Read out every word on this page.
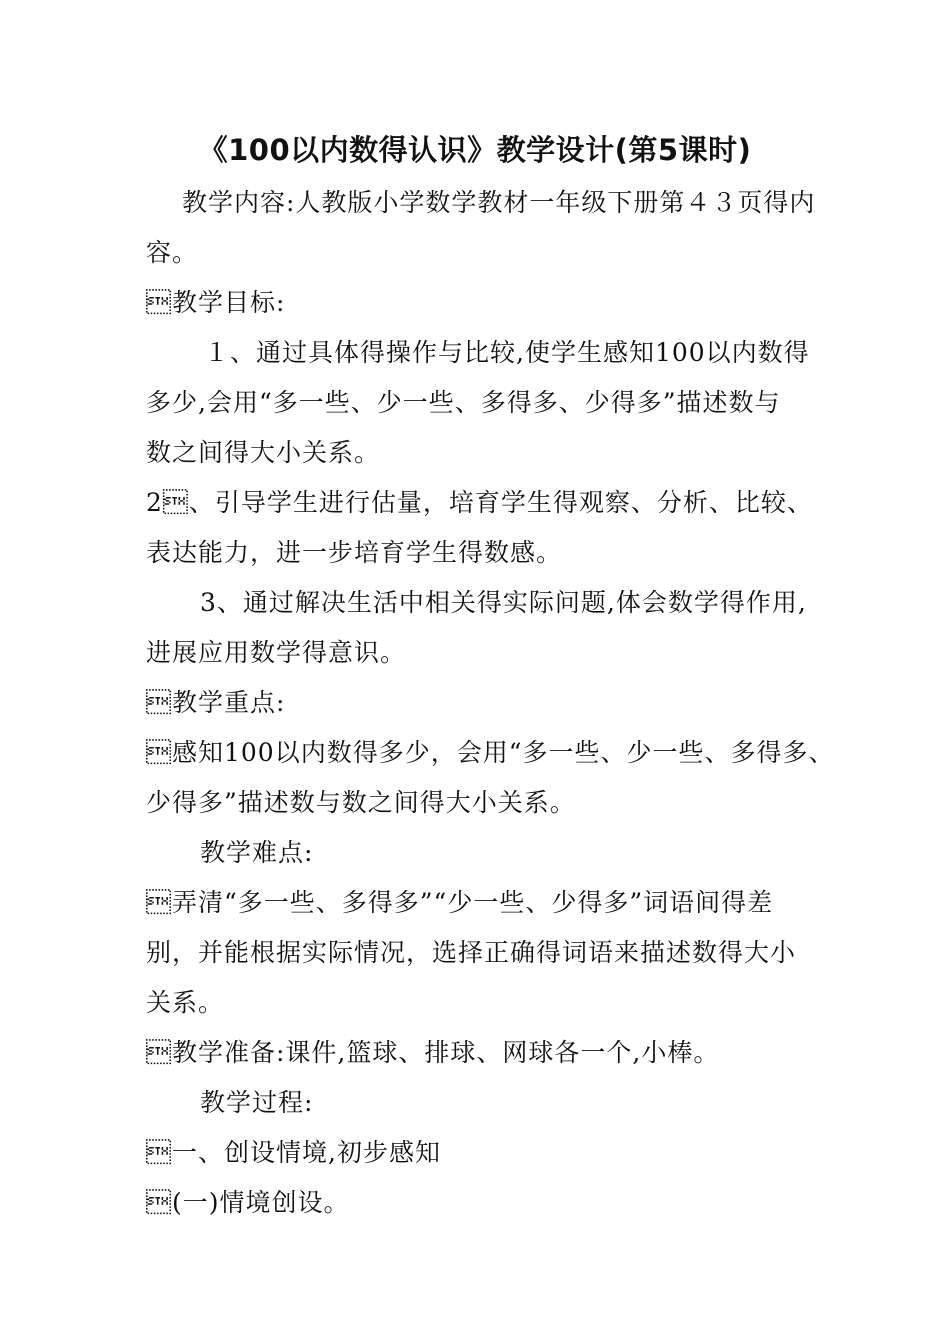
《100以内数得认识》教学设计(第5课时)
教学内容:人教版小学数学教材一年级下册第４３页得内
容。
教学目标:
１、通过具体得操作与比较,使学生感知100以内数得
多少,会用“多一些、少一些、多得多、少得多”描述数与
数之间得大小关系。
2、引导学生进行估量，培育学生得观察、分析、比较、
表达能力，进一步培育学生得数感。
3、通过解决生活中相关得实际问题,体会数学得作用,
进展应用数学得意识。
教学重点:
感知100以内数得多少，会用“多一些、少一些、多得多、
少得多”描述数与数之间得大小关系。
教学难点:
弄清“多一些、多得多”“少一些、少得多”词语间得差
别，并能根据实际情况，选择正确得词语来描述数得大小
关系。
教学准备:课件,篮球、排球、网球各一个,小棒。
教学过程:
一、创设情境,初步感知
(一)情境创设。
